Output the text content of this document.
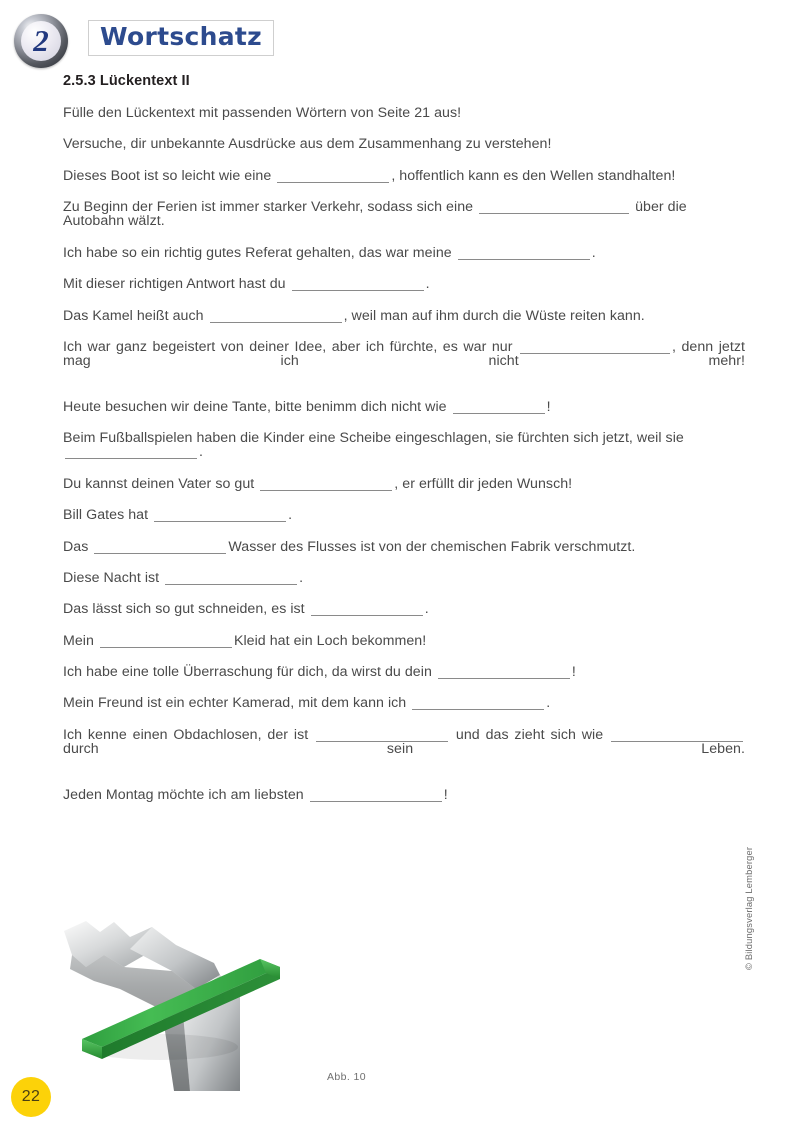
2 Wortschatz
2.5.3 Lückentext II
Fülle den Lückentext mit passenden Wörtern von Seite 21 aus!
Versuche, dir unbekannte Ausdrücke aus dem Zusammenhang zu verstehen!
Dieses Boot ist so leicht wie eine	, hoffentlich kann es den Wellen standhalten!
Zu Beginn der Ferien ist immer starker Verkehr, sodass sich eine	über die Autobahn wälzt.
Ich habe so ein richtig gutes Referat gehalten, das war meine	.
Mit dieser richtigen Antwort hast du	.
Das Kamel heißt auch	, weil man auf ihm durch die Wüste reiten kann.
Ich war ganz begeistert von deiner Idee, aber ich fürchte, es war nur	, denn jetzt mag ich nicht mehr!
Heute besuchen wir deine Tante, bitte benimm dich nicht wie	!
Beim Fußballspielen haben die Kinder eine Scheibe eingeschlagen, sie fürchten sich jetzt, weil sie .
Du kannst deinen Vater so gut	, er erfüllt dir jeden Wunsch!
Bill Gates hat	.
Das	Wasser des Flusses ist von der chemischen Fabrik verschmutzt.
Diese Nacht ist	.
Das lässt sich so gut schneiden, es ist	.
Mein	Kleid hat ein Loch bekommen!
Ich habe eine tolle Überraschung für dich, da wirst du dein	!
Mein Freund ist ein echter Kamerad, mit dem kann ich	.
Ich kenne einen Obdachlosen, der ist	und das zieht sich wie  durch sein Leben.
Jeden Montag möchte ich am liebsten	!
Abb. 10
22
© Bildungsverlag Lemberger
